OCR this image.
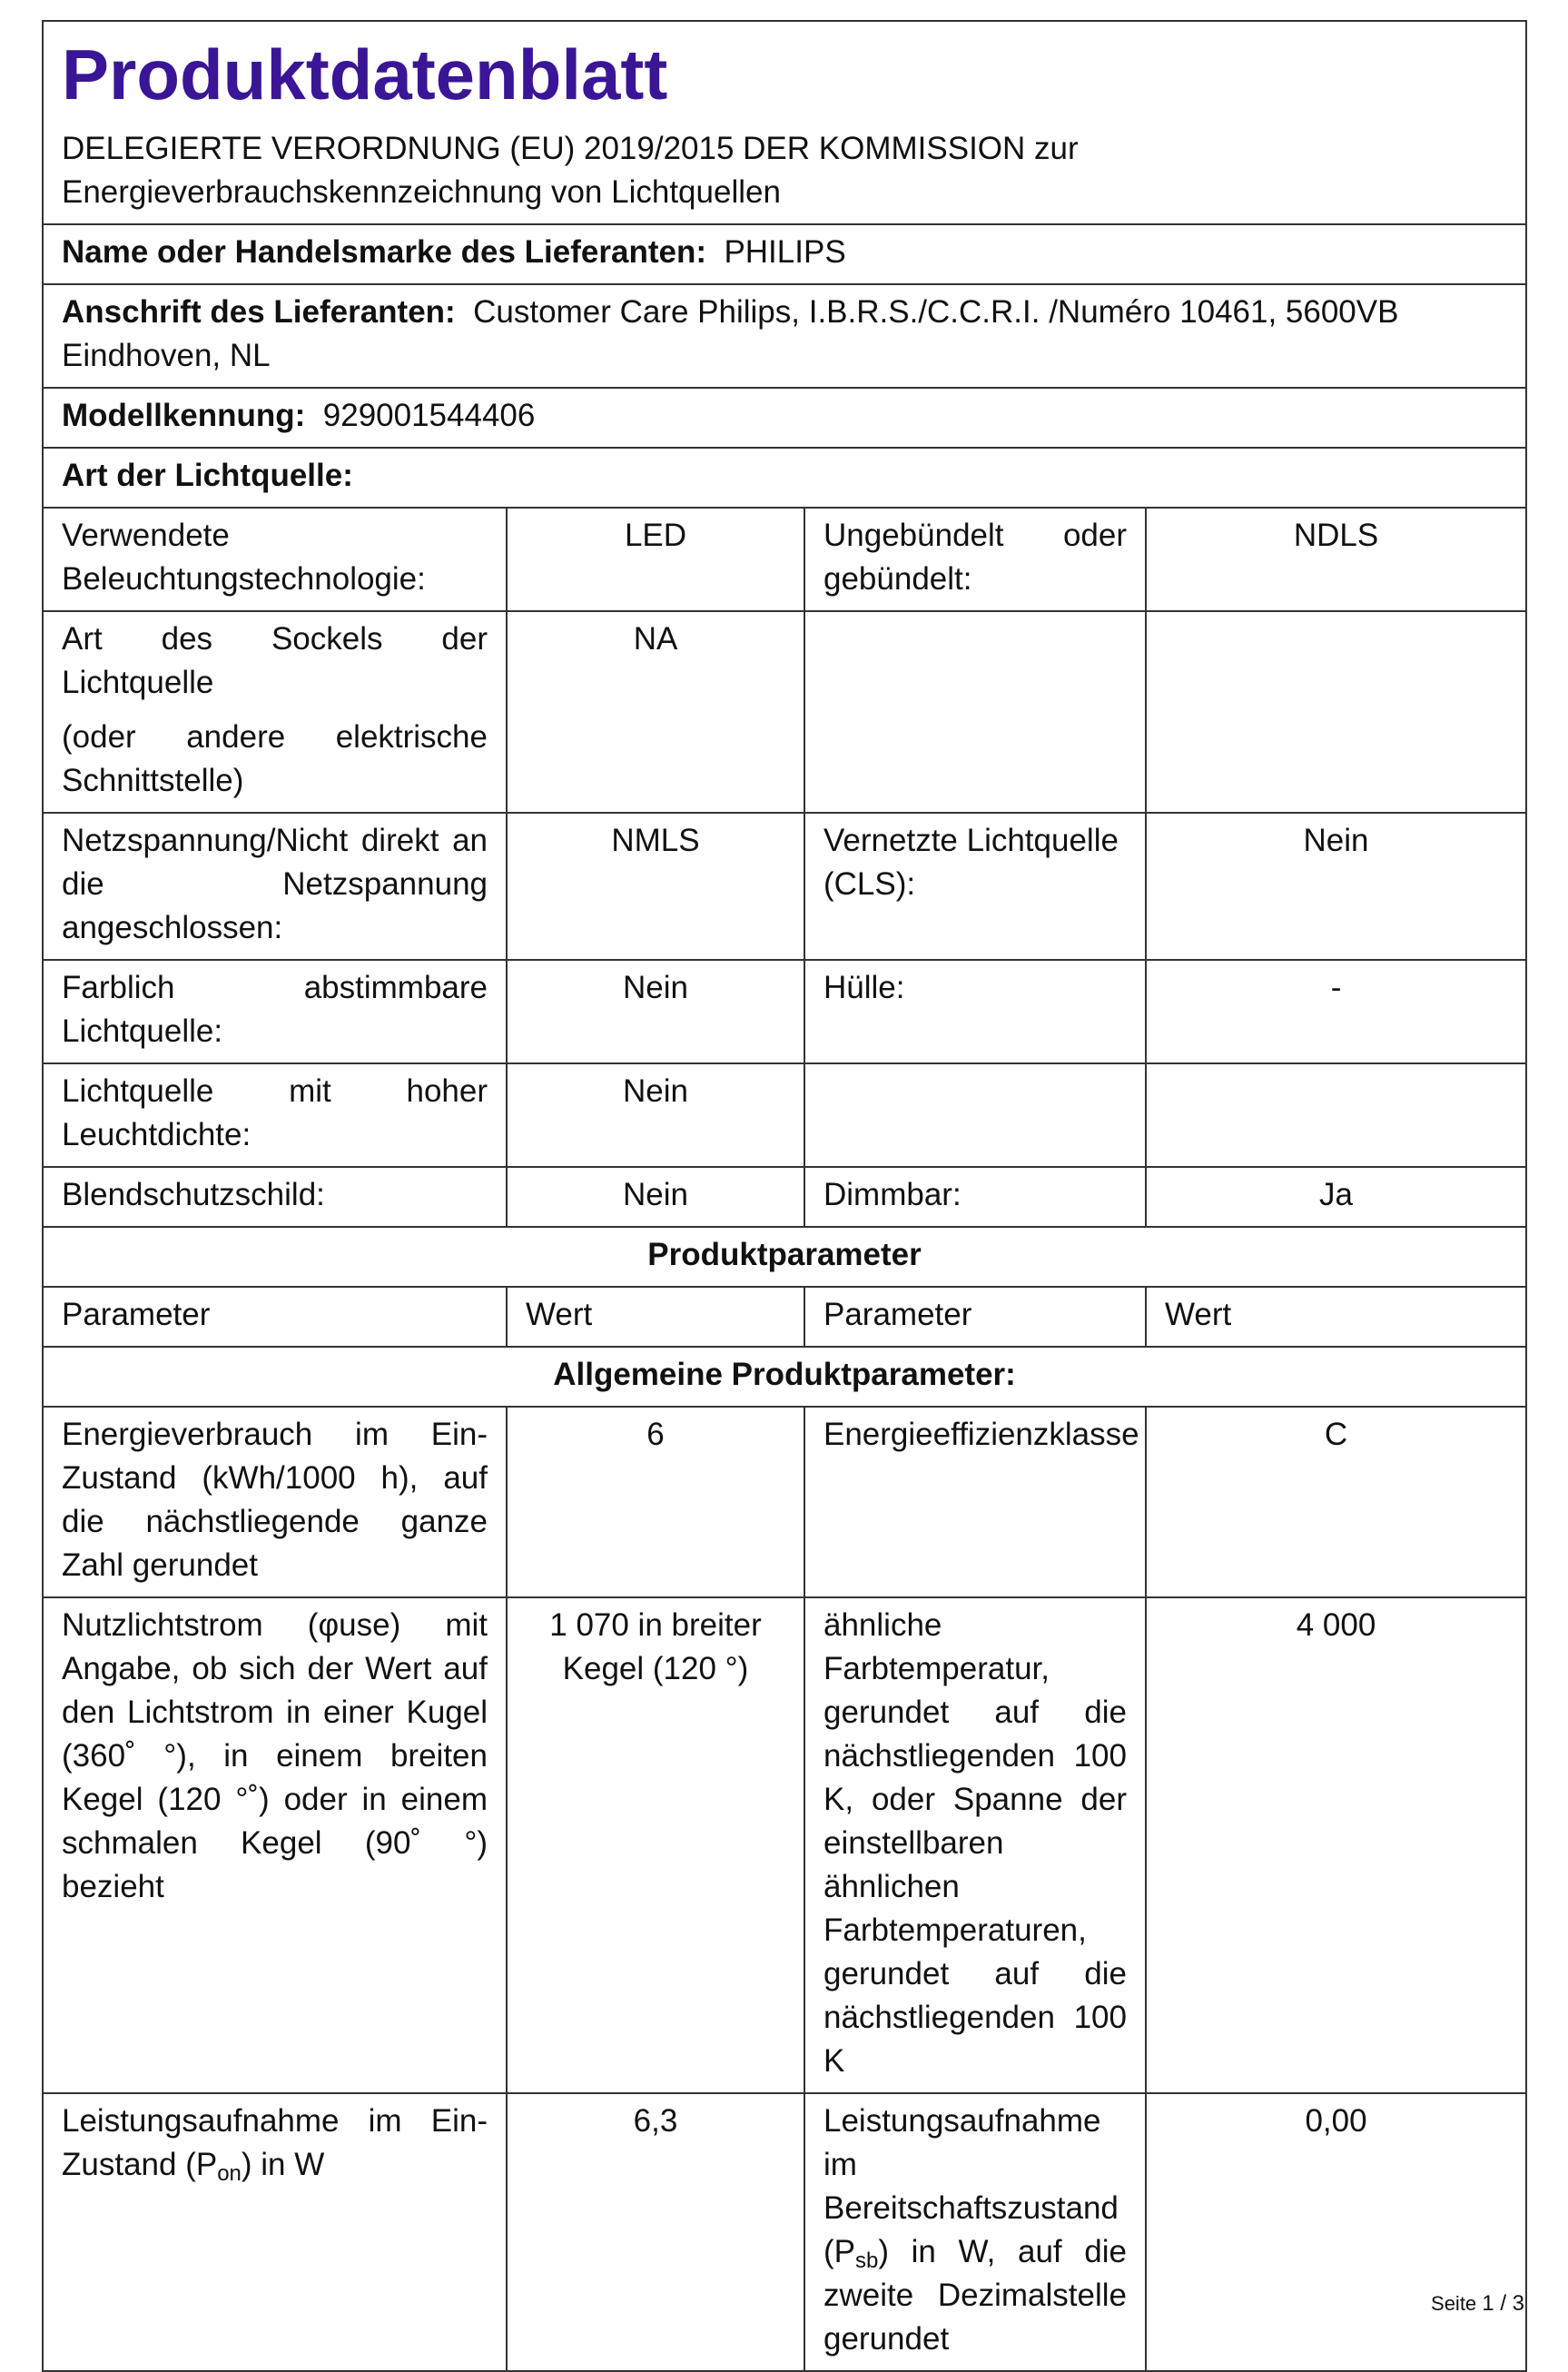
Produktdatenblatt
DELEGIERTE VERORDNUNG (EU) 2019/2015 DER KOMMISSION zur Energieverbrauchskennzeichnung von Lichtquellen			

Name oder Handelsmarke des Lieferanten: PHILIPS			
Anschrift des Lieferanten: Customer Care Philips, I.B.R.S./C.C.R.I. /Numéro 10461, 5600VB Eindhoven, NL			
Modellkennung: 929001544406			
Art der Lichtquelle:			
Verwendete Beleuchtungstechnologie:	LED	Ungebündelt oder gebündelt:	NDLS

Art des Sockels der Lichtquelle
(oder andere elektrische Schnittstelle)	NA		
Netzspannung/Nicht direkt an die Netzspannung angeschlossen:	NMLS	Vernetzte Lichtquelle (CLS):	Nein
Farblich abstimmbare Lichtquelle:	Nein	Hülle:	-
Lichtquelle mit hoher Leuchtdichte:	Nein		
Blendschutzschild:	Nein	Dimmbar:	Ja
Produktparameter			
Parameter	Wert	Parameter	Wert
Allgemeine Produktparameter:			
Energieverbrauch im Ein-Zustand (kWh/1000 h), auf die nächstliegende ganze Zahl gerundet	6	Energieeffizienzklasse	C
Nutzlichtstrom (φuse) mit Angabe, ob sich der Wert auf den Lichtstrom in einer Kugel (360˚ °), in einem breiten Kegel (120 °˚) oder in einem schmalen Kegel (90˚ °) bezieht	1 070 in breiter Kegel (120 °)	ähnliche Farbtemperatur, gerundet auf die nächstliegenden 100 K, oder Spanne der einstellbaren ähnlichen Farbtemperaturen, gerundet auf die nächstliegenden 100 K	4 000
Leistungsaufnahme im Ein-Zustand $(P_{on})$ in W	6,3	Leistungsaufnahme im Bereitschaftszustand $(P_{sb})$ in W, auf die zweite Dezimalstelle gerundet	0,00
Seite 1 / 3
